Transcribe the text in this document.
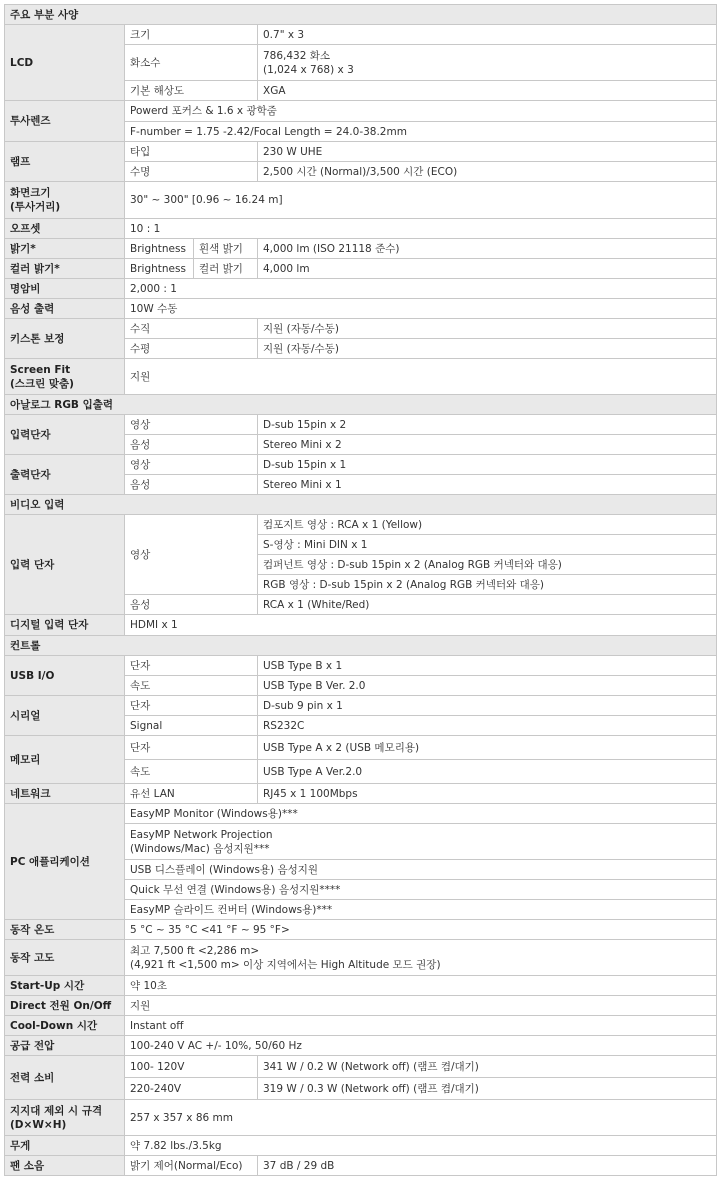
주요 부분 사양			
LCD	크기		0.7" x 3
	화소수		786,432 화소
(1,024 x 768) x 3

	기본 해상도		XGA
투사렌즈	Powerd 포커스 & 1.6 x 광학줌		
	F-number = 1.75 -2.42/Focal Length = 24.0-38.2mm		
램프	타입		230 W UHE
	수명		2,500 시간 (Normal)/3,500 시간 (ECO)

화면크기
(투사거리)	30" ~ 300" [0.96 ~ 16.24 m]		
오프셋	10 : 1		
밝기*	Brightness	흰색 밝기	4,000 lm (ISO 21118 준수)
컬러 밝기*	Brightness	컬러 밝기	4,000 lm
명암비	2,000 : 1		
음성 출력	10W 수동		
키스톤 보정	수직		지원 (자동/수동)
	수평		지원 (자동/수동)

Screen Fit
(스크린 맞춤)	지원		
아날로그 RGB 입출력			
입력단자	영상		D-sub 15pin x 2
	음성		Stereo Mini x 2
출력단자	영상		D-sub 15pin x 1
	음성		Stereo Mini x 1
비디오 입력			
입력 단자	영상		컴포지트 영상 : RCA x 1 (Yellow)
			S-영상 : Mini DIN x 1
			컴퍼넌트 영상 : D-sub 15pin x 2 (Analog RGB 커넥터와 대응)
			RGB 영상 : D-sub 15pin x 2 (Analog RGB 커넥터와 대응)
	음성		RCA x 1 (White/Red)
디지털 입력 단자	HDMI x 1		
컨트롤			
USB I/O	단자		USB Type B x 1
	속도		USB Type B Ver. 2.0
시리얼	단자		D-sub 9 pin x 1
	Signal		RS232C
메모리	단자		USB Type A x 2 (USB 메모리용)
	속도		USB Type A Ver.2.0
네트워크	유선 LAN		RJ45 x 1 100Mbps
PC 애플리케이션	EasyMP Monitor (Windows용)***		

	EasyMP Network Projection
(Windows/Mac) 음성지원***		

	USB 디스플레이 (Windows용) 음성지원		
	Quick 무선 연결 (Windows용) 음성지원****		
	EasyMP 슬라이드 컨버터 (Windows용)***		
동작 온도	5 °C ~ 35 °C <41 °F ~ 95 °F>		
동작 고도	최고 7,500 ft <2,286 m>
(4,921 ft <1,500 m> 이상 지역에서는 High Altitude 모드 권장)		

Start-Up 시간	약 10초		
Direct 전원 On/Off	지원		
Cool-Down 시간	Instant off		
공급 전압	100-240 V AC +/- 10%, 50/60 Hz		
전력 소비	100- 120V		341 W / 0.2 W (Network off) (램프 켬/대기)
	220-240V		319 W / 0.3 W (Network off) (램프 켬/대기)

지지대 제외 시 규격
(D×W×H)	257 x 357 x 86 mm		
무게	약 7.82 lbs./3.5kg		
팬 소음	밝기 제어(Normal/Eco)		37 dB / 29 dB
